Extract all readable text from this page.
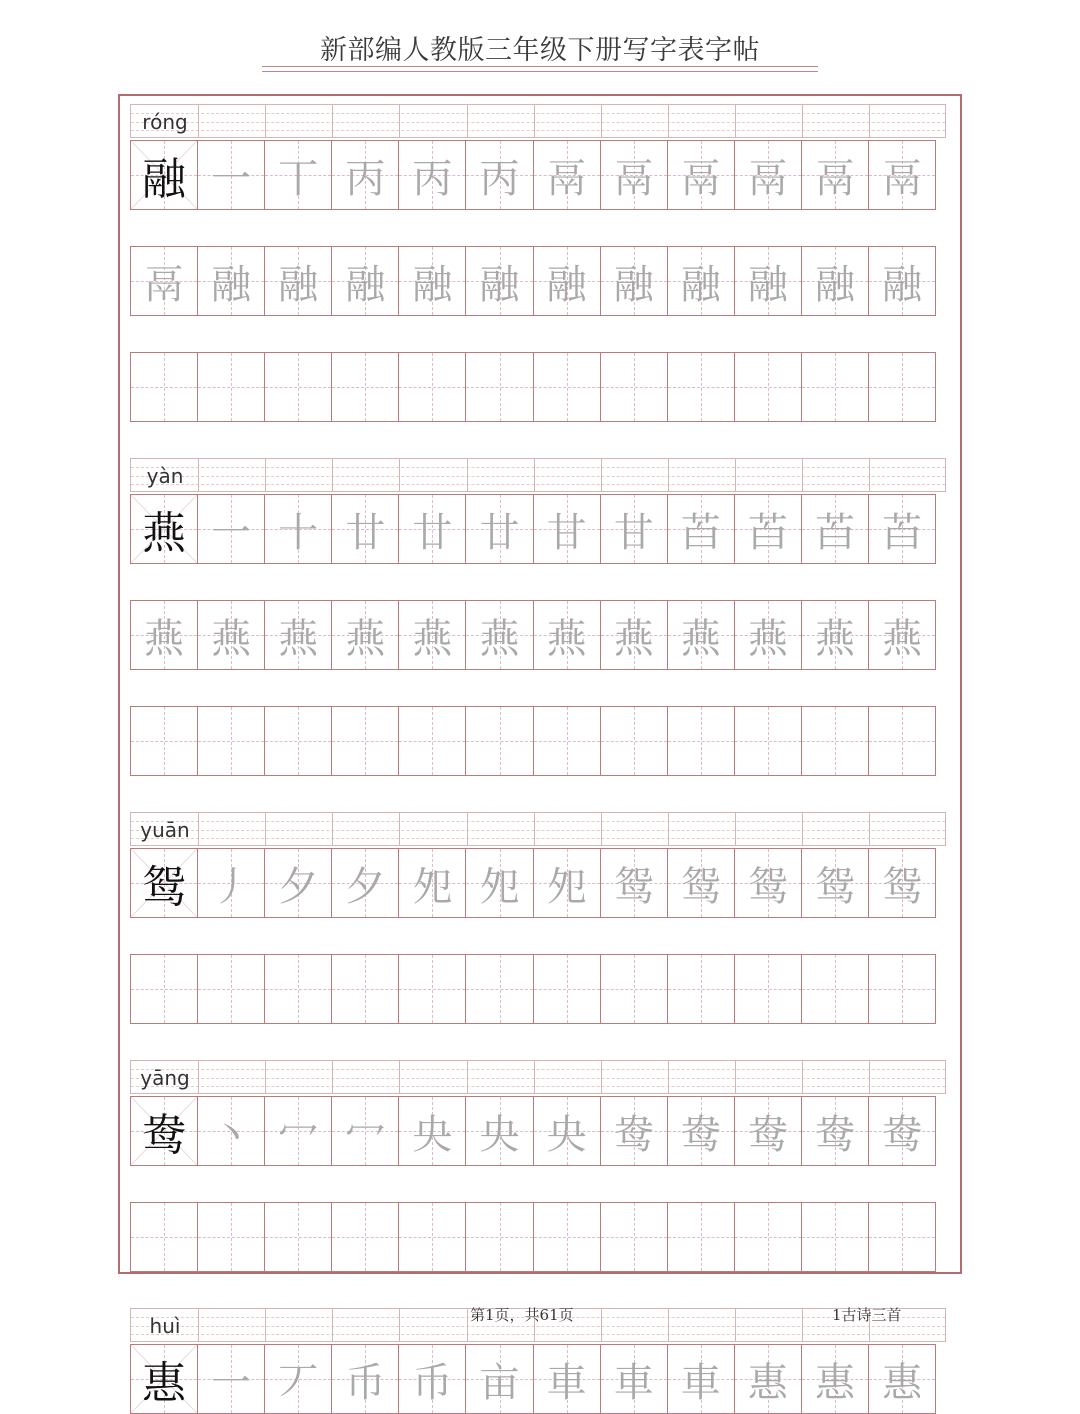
新部编人教版三年级下册写字表字帖
róng
融 一 丅 丙 丙 丙 鬲 鬲 鬲 鬲 鬲 鬲
鬲 融 融 融 融 融 融 融 融 融 融 融
yàn
燕 一 十 廿 廿 廿 甘 甘 苩 苩 苩 苩
燕 燕 燕 燕 燕 燕 燕 燕 燕 燕 燕 燕
yuān
鸳 丿 夕 夕 夗 夗 夗 鸳 鸳 鸳 鸳 鸳
yāng
鸯 丶 冖 冖 央 央 央 鸯 鸯 鸯 鸯 鸯
huì
惠 一 丆 币 币 亩 車 車 車 惠 惠 惠
第1页，共61页	1古诗三首
